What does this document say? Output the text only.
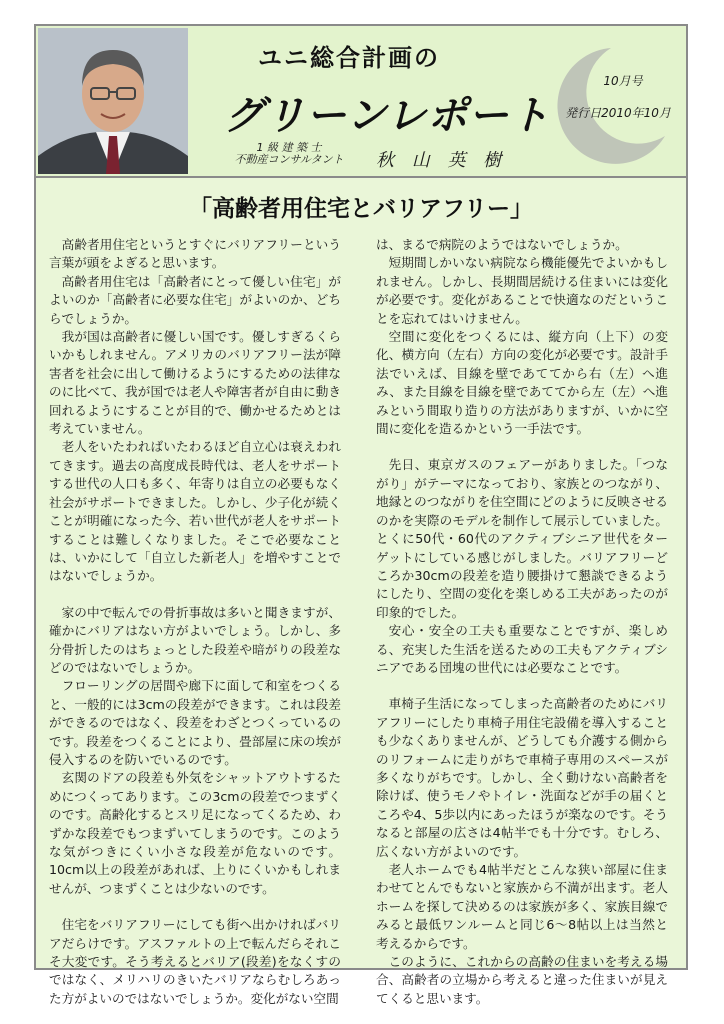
ユニ総合計画の
グリーンレポート
1 級 建 築 士
不動産コンサルタント 秋 山 英 樹
10月号
発行日2010年10月
「高齢者用住宅とバリアフリー」

高齢者用住宅というとすぐにバリアフリーという言葉が頭をよぎると思います。

高齢者用住宅は「高齢者にとって優しい住宅」がよいのか「高齢者に必要な住宅」がよいのか、どちらでしょうか。

我が国は高齢者に優しい国です。優しすぎるくらいかもしれません。アメリカのバリアフリー法が障害者を社会に出して働けるようにするための法律なのに比べて、我が国では老人や障害者が自由に動き回れるようにすることが目的で、働かせるためとは考えていません。

老人をいたわればいたわるほど自立心は衰えわれてきます。過去の高度成長時代は、老人をサポートする世代の人口も多く、年寄りは自立の必要もなく社会がサポートできました。しかし、少子化が続くことが明確になった今、若い世代が老人をサポートすることは難しくなりました。そこで必要なことは、いかにして「自立した新老人」を増やすことではないでしょうか。

家の中で転んでの骨折事故は多いと聞きますが、確かにバリアはない方がよいでしょう。しかし、多分骨折したのはちょっとした段差や暗がりの段差などのではないでしょうか。

フローリングの居間や廊下に面して和室をつくると、一般的には3cmの段差ができます。これは段差ができるのではなく、段差をわざとつくっているのです。段差をつくることにより、畳部屋に床の埃が侵入するのを防いでいるのです。

玄関のドアの段差も外気をシャットアウトするためにつくってあります。この3cmの段差でつまずくのです。高齢化するとスリ足になってくるため、わずかな段差でもつまずいてしまうのです。このような気がつきにくい小さな段差が危ないのです。10cm以上の段差があれば、上りにくいかもしれませんが、つまずくことは少ないのです。

住宅をバリアフリーにしても街へ出かければバリアだらけです。アスファルトの上で転んだらそれこそ大変です。そう考えるとバリア(段差)をなくすのではなく、メリハリのきいたバリアならむしろあった方がよいのではないでしょうか。変化がない空間

は、まるで病院のようではないでしょうか。

短期間しかいない病院なら機能優先でよいかもしれません。しかし、長期間居続ける住まいには変化が必要です。変化があることで快適なのだということを忘れてはいけません。

空間に変化をつくるには、縦方向（上下）の変化、横方向（左右）方向の変化が必要です。設計手法でいえば、目線を壁であててから右（左）へ進み、また目線を目線を壁であててから左（左）へ進みという間取り造りの方法がありますが、いかに空間に変化を造るかという一手法です。

先日、東京ガスのフェアーがありました。「つながり」がテーマになっており、家族とのつながり、地縁とのつながりを住空間にどのように反映させるのかを実際のモデルを制作して展示していました。とくに50代・60代のアクティブシニア世代をターゲットにしている感じがしました。バリアフリーどころか30cmの段差を造り腰掛けて懇談できるようにしたり、空間の変化を楽しめる工夫があったのが印象的でした。

安心・安全の工夫も重要なことですが、楽しめる、充実した生活を送るための工夫もアクティブシニアである団塊の世代には必要なことです。

車椅子生活になってしまった高齢者のためにバリアフリーにしたり車椅子用住宅設備を導入することも少なくありませんが、どうしても介護する側からのリフォームに走りがちで車椅子専用のスペースが多くなりがちです。しかし、全く動けない高齢者を除けば、使うモノやトイレ・洗面などが手の届くところや4、5歩以内にあったほうが楽なのです。そうなると部屋の広さは4帖半でも十分です。むしろ、広くない方がよいのです。

老人ホームでも4帖半だとこんな狭い部屋に住まわせてとんでもないと家族から不満が出ます。老人ホームを探して決めるのは家族が多く、家族目線でみると最低ワンルームと同じ6～8帖以上は当然と考えるからです。

このように、これからの高齢の住まいを考える場合、高齢者の立場から考えると違った住まいが見えてくると思います。
